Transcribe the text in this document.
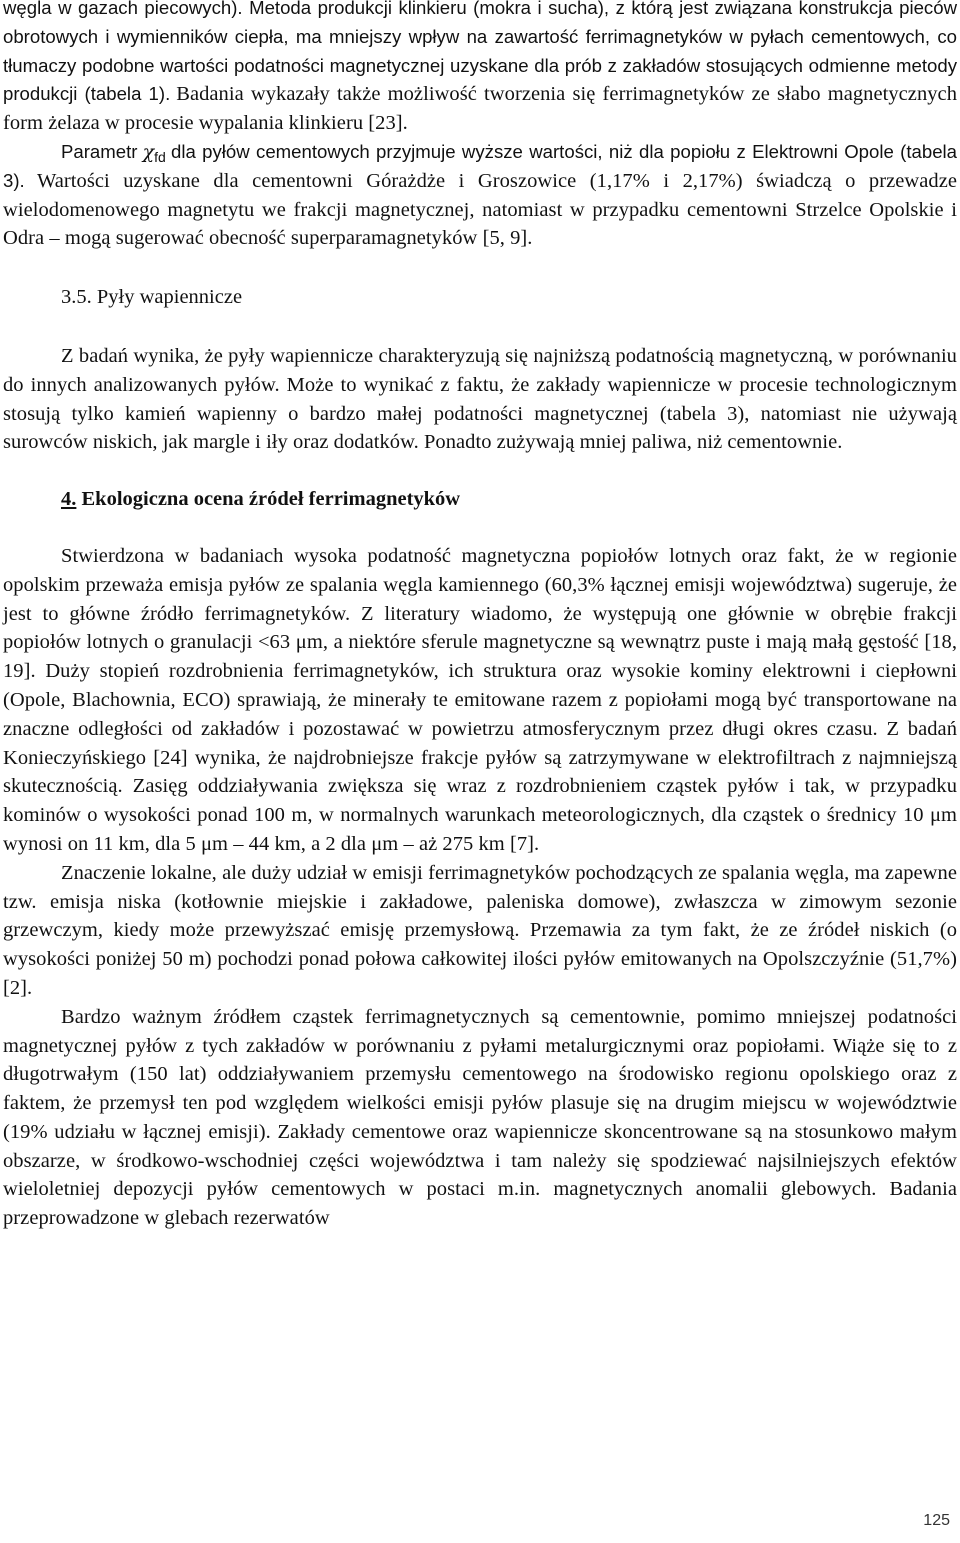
węgla w gazach piecowych). Metoda produkcji klinkieru (mokra i sucha), z którą jest związana konstrukcja pieców obrotowych i wymienników ciepła, ma mniejszy wpływ na zawartość ferrimagnetyków w pyłach cementowych, co tłumaczy podobne wartości podatności magnetycznej uzyskane dla prób z zakładów stosujących odmienne metody produkcji (tabela 1). Badania wykazały także możliwość tworzenia się ferrimagnetyków ze słabo magnetycznych form żelaza w procesie wypalania klinkieru [23].

Parametr χfd dla pyłów cementowych przyjmuje wyższe wartości, niż dla popiołu z Elektrowni Opole (tabela 3). Wartości uzyskane dla cementowni Górażdże i Groszowice (1,17% i 2,17%) świadczą o przewadze wielodomenowego magnetytu we frakcji magnetycznej, natomiast w przypadku cementowni Strzelce Opolskie i Odra – mogą sugerować obecność superparamagnetyków [5, 9].

3.5. Pyły wapiennicze

Z badań wynika, że pyły wapiennicze charakteryzują się najniższą podatnością magnetyczną, w porównaniu do innych analizowanych pyłów. Może to wynikać z faktu, że zakłady wapiennicze w procesie technologicznym stosują tylko kamień wapienny o bardzo małej podatności magnetycznej (tabela 3), natomiast nie używają surowców niskich, jak margle i iły oraz dodatków. Ponadto zużywają mniej paliwa, niż cementownie.

4. Ekologiczna ocena źródeł ferrimagnetyków

Stwierdzona w badaniach wysoka podatność magnetyczna popiołów lotnych oraz fakt, że w regionie opolskim przeważa emisja pyłów ze spalania węgla kamiennego (60,3% łącznej emisji województwa) sugeruje, że jest to główne źródło ferrimagnetyków. Z literatury wiadomo, że występują one głównie w obrębie frakcji popiołów lotnych o granulacji <63 μm, a niektóre sferule magnetyczne są wewnątrz puste i mają małą gęstość [18, 19]. Duży stopień rozdrobnienia ferrimagnetyków, ich struktura oraz wysokie kominy elektrowni i ciepłowni (Opole, Blachownia, ECO) sprawiają, że minerały te emitowane razem z popiołami mogą być transportowane na znaczne odległości od zakładów i pozostawać w powietrzu atmosferycznym przez długi okres czasu. Z badań Konieczyńskiego [24] wynika, że najdrobniejsze frakcje pyłów są zatrzymywane w elektrofiltrach z najmniejszą skutecznością. Zasięg oddziaływania zwiększa się wraz z rozdrobnieniem cząstek pyłów i tak, w przypadku kominów o wysokości ponad 100 m, w normalnych warunkach meteorologicznych, dla cząstek o średnicy 10 μm wynosi on 11 km, dla 5 μm – 44 km, a 2 dla μm – aż 275 km [7].

Znaczenie lokalne, ale duży udział w emisji ferrimagnetyków pochodzących ze spalania węgla, ma zapewne tzw. emisja niska (kotłownie miejskie i zakładowe, paleniska domowe), zwłaszcza w zimowym sezonie grzewczym, kiedy może przewyższać emisję przemysłową. Przemawia za tym fakt, że ze źródeł niskich (o wysokości poniżej 50 m) pochodzi ponad połowa całkowitej ilości pyłów emitowanych na Opolszczyźnie (51,7%) [2].

Bardzo ważnym źródłem cząstek ferrimagnetycznych są cementownie, pomimo mniejszej podatności magnetycznej pyłów z tych zakładów w porównaniu z pyłami metalurgicznymi oraz popiołami. Wiąże się to z długotrwałym (150 lat) oddziaływaniem przemysłu cementowego na środowisko regionu opolskiego oraz z faktem, że przemysł ten pod względem wielkości emisji pyłów plasuje się na drugim miejscu w województwie (19% udziału w łącznej emisji). Zakłady cementowe oraz wapiennicze skoncentrowane są na stosunkowo małym obszarze, w środkowo-wschodniej części województwa i tam należy się spodziewać najsilniejszych efektów wieloletniej depozycji pyłów cementowych w postaci m.in. magnetycznych anomalii glebowych. Badania przeprowadzone w glebach rezerwatów

125
